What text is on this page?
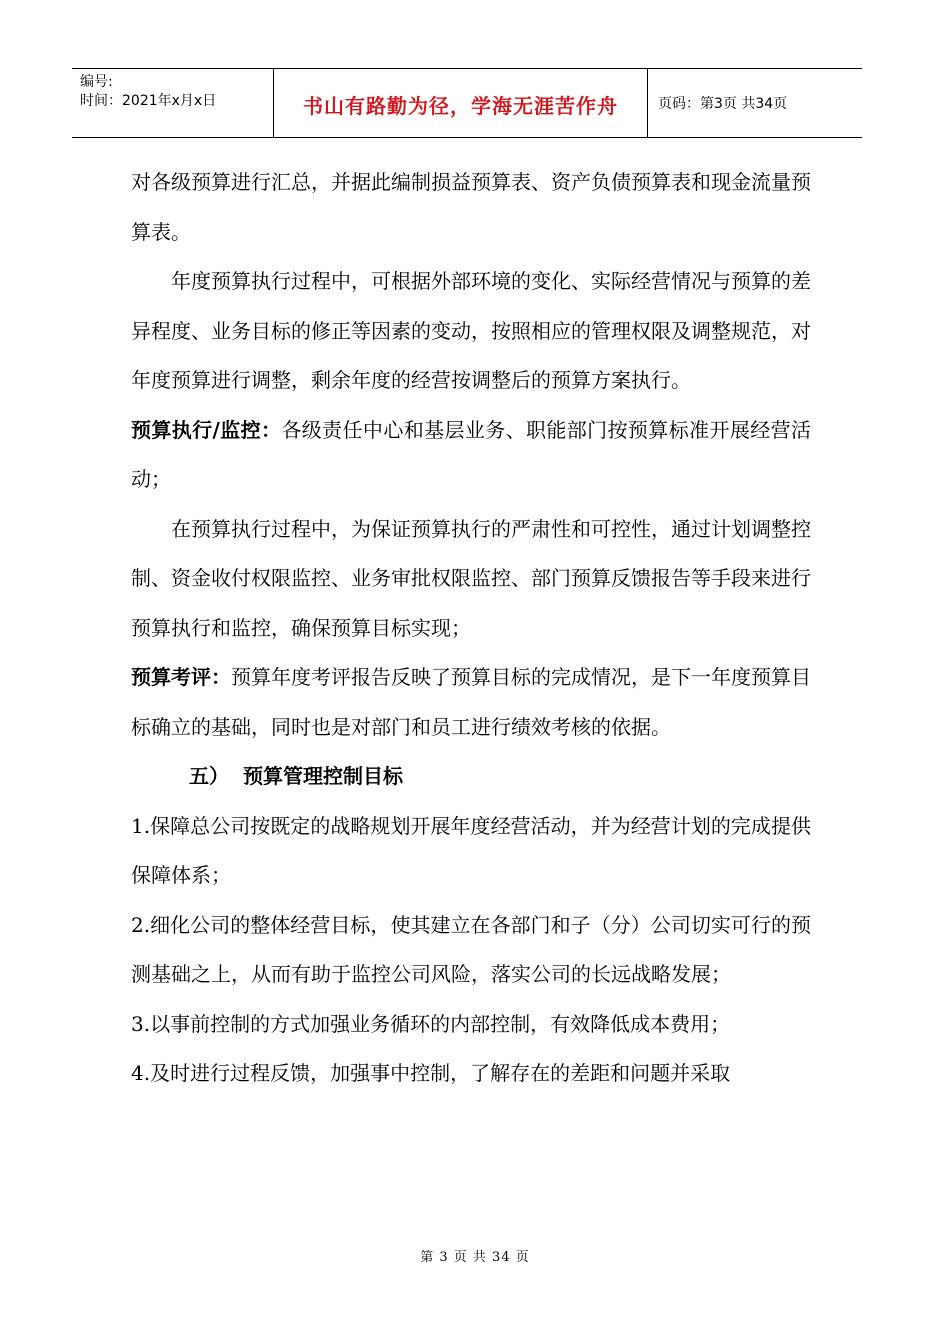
编号:
时间：2021年x月x日	书山有路勤为径，学海无涯苦作舟	页码：第3页 共34页

对各级预算进行汇总，并据此编制损益预算表、资产负债预算表和现金流量预算表。

年度预算执行过程中，可根据外部环境的变化、实际经营情况与预算的差异程度、业务目标的修正等因素的变动，按照相应的管理权限及调整规范，对年度预算进行调整，剩余年度的经营按调整后的预算方案执行。

预算执行/监控：各级责任中心和基层业务、职能部门按预算标准开展经营活动；

在预算执行过程中，为保证预算执行的严肃性和可控性，通过计划调整控制、资金收付权限监控、业务审批权限监控、部门预算反馈报告等手段来进行预算执行和监控，确保预算目标实现；

预算考评：预算年度考评报告反映了预算目标的完成情况，是下一年度预算目标确立的基础，同时也是对部门和员工进行绩效考核的依据。

五） 预算管理控制目标

1.保障总公司按既定的战略规划开展年度经营活动，并为经营计划的完成提供保障体系；

2.细化公司的整体经营目标，使其建立在各部门和子（分）公司切实可行的预测基础之上，从而有助于监控公司风险，落实公司的长远战略发展；

3.以事前控制的方式加强业务循环的内部控制，有效降低成本费用；

4.及时进行过程反馈，加强事中控制，了解存在的差距和问题并采取

第 3 页 共 34 页
